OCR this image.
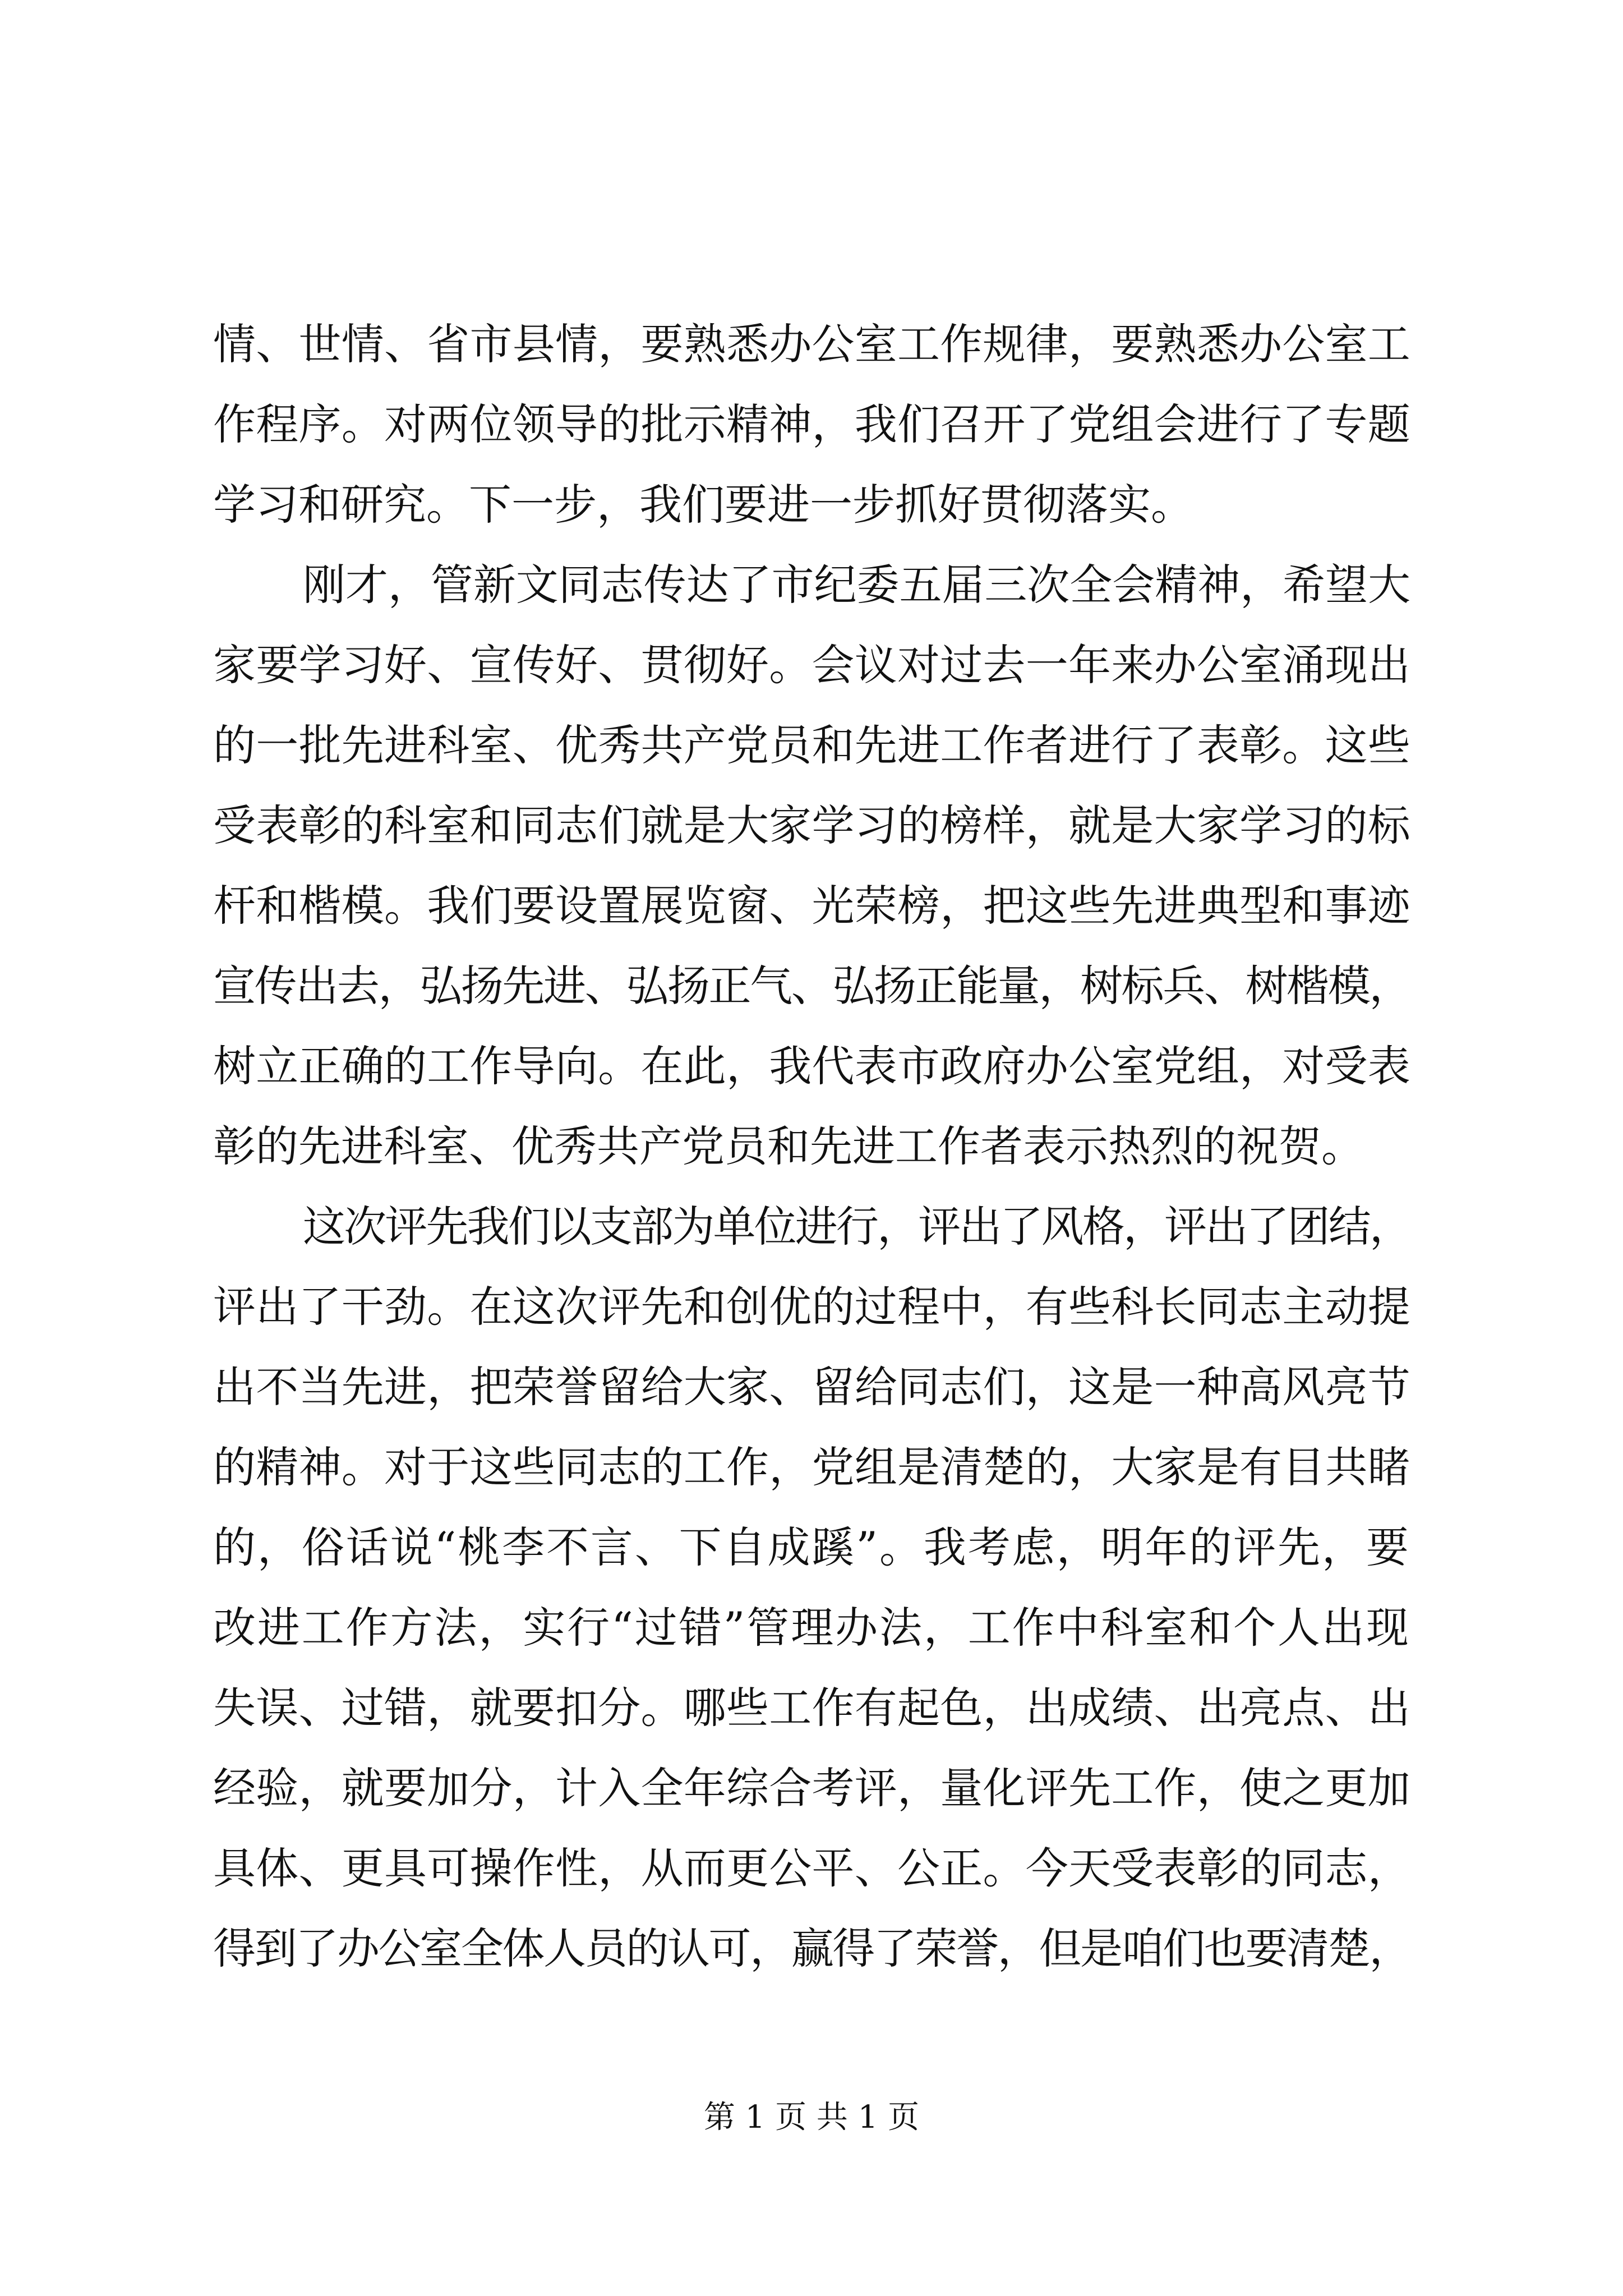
情、世情、省市县情，要熟悉办公室工作规律，要熟悉办公室工
作程序。对两位领导的批示精神，我们召开了党组会进行了专题
学习和研究。下一步，我们要进一步抓好贯彻落实。
刚才，管新文同志传达了市纪委五届三次全会精神，希望大
家要学习好、宣传好、贯彻好。会议对过去一年来办公室涌现出
的一批先进科室、优秀共产党员和先进工作者进行了表彰。这些
受表彰的科室和同志们就是大家学习的榜样，就是大家学习的标
杆和楷模。我们要设置展览窗、光荣榜，把这些先进典型和事迹
宣传出去，弘扬先进、弘扬正气、弘扬正能量，树标兵、树楷模，
树立正确的工作导向。在此，我代表市政府办公室党组，对受表
彰的先进科室、优秀共产党员和先进工作者表示热烈的祝贺。
这次评先我们以支部为单位进行，评出了风格，评出了团结，
评出了干劲。在这次评先和创优的过程中，有些科长同志主动提
出不当先进，把荣誉留给大家、留给同志们，这是一种高风亮节
的精神。对于这些同志的工作，党组是清楚的，大家是有目共睹
的，俗话说“桃李不言、下自成蹊”。我考虑，明年的评先，要
改进工作方法，实行“过错”管理办法，工作中科室和个人出现
失误、过错，就要扣分。哪些工作有起色，出成绩、出亮点、出
经验，就要加分，计入全年综合考评，量化评先工作，使之更加
具体、更具可操作性，从而更公平、公正。今天受表彰的同志，
得到了办公室全体人员的认可，赢得了荣誉，但是咱们也要清楚，
第 1 页 共 1 页
